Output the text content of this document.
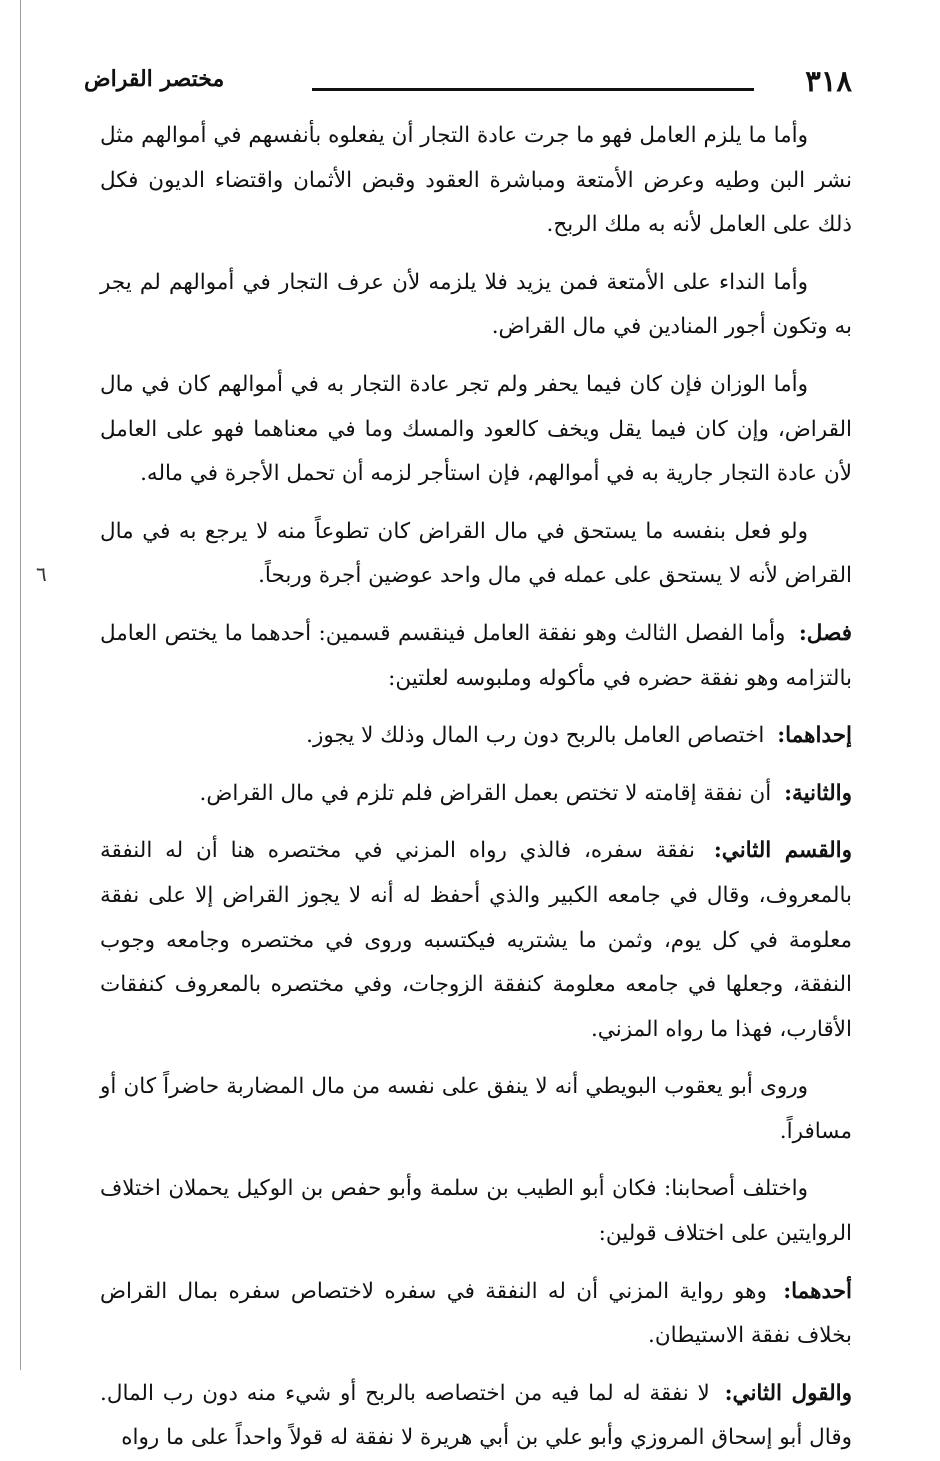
٦
٣١٨
مختصر القراض

وأما ما يلزم العامل فهو ما جرت عادة التجار أن يفعلوه بأنفسهم في أموالهم مثل نشر البن وطيه وعرض الأمتعة ومباشرة العقود وقبض الأثمان واقتضاء الديون فكل ذلك على العامل لأنه به ملك الربح.

وأما النداء على الأمتعة فمن يزيد فلا يلزمه لأن عرف التجار في أموالهم لم يجر به وتكون أجور المنادين في مال القراض.

وأما الوزان فإن كان فيما يحفر ولم تجر عادة التجار به في أموالهم كان في مال القراض، وإن كان فيما يقل ويخف كالعود والمسك وما في معناهما فهو على العامل لأن عادة التجار جارية به في أموالهم، فإن استأجر لزمه أن تحمل الأجرة في ماله.

ولو فعل بنفسه ما يستحق في مال القراض كان تطوعاً منه لا يرجع به في مال القراض لأنه لا يستحق على عمله في مال واحد عوضين أجرة وربحاً.

فصل: وأما الفصل الثالث وهو نفقة العامل فينقسم قسمين: أحدهما ما يختص العامل بالتزامه وهو نفقة حضره في مأكوله وملبوسه لعلتين:

إحداهما: اختصاص العامل بالربح دون رب المال وذلك لا يجوز.

والثانية: أن نفقة إقامته لا تختص بعمل القراض فلم تلزم في مال القراض.

والقسم الثاني: نفقة سفره، فالذي رواه المزني في مختصره هنا أن له النفقة بالمعروف، وقال في جامعه الكبير والذي أحفظ له أنه لا يجوز القراض إلا على نفقة معلومة في كل يوم، وثمن ما يشتريه فيكتسبه وروى في مختصره وجامعه وجوب النفقة، وجعلها في جامعه معلومة كنفقة الزوجات، وفي مختصره بالمعروف كنفقات الأقارب، فهذا ما رواه المزني.

وروى أبو يعقوب البويطي أنه لا ينفق على نفسه من مال المضاربة حاضراً كان أو مسافراً.

واختلف أصحابنا: فكان أبو الطيب بن سلمة وأبو حفص بن الوكيل يحملان اختلاف الروايتين على اختلاف قولين:

أحدهما: وهو رواية المزني أن له النفقة في سفره لاختصاص سفره بمال القراض بخلاف نفقة الاستيطان.

والقول الثاني: لا نفقة له لما فيه من اختصاصه بالربح أو شيء منه دون رب المال. وقال أبو إسحاق المروزي وأبو علي بن أبي هريرة لا نفقة له قولاً واحداً على ما رواه
